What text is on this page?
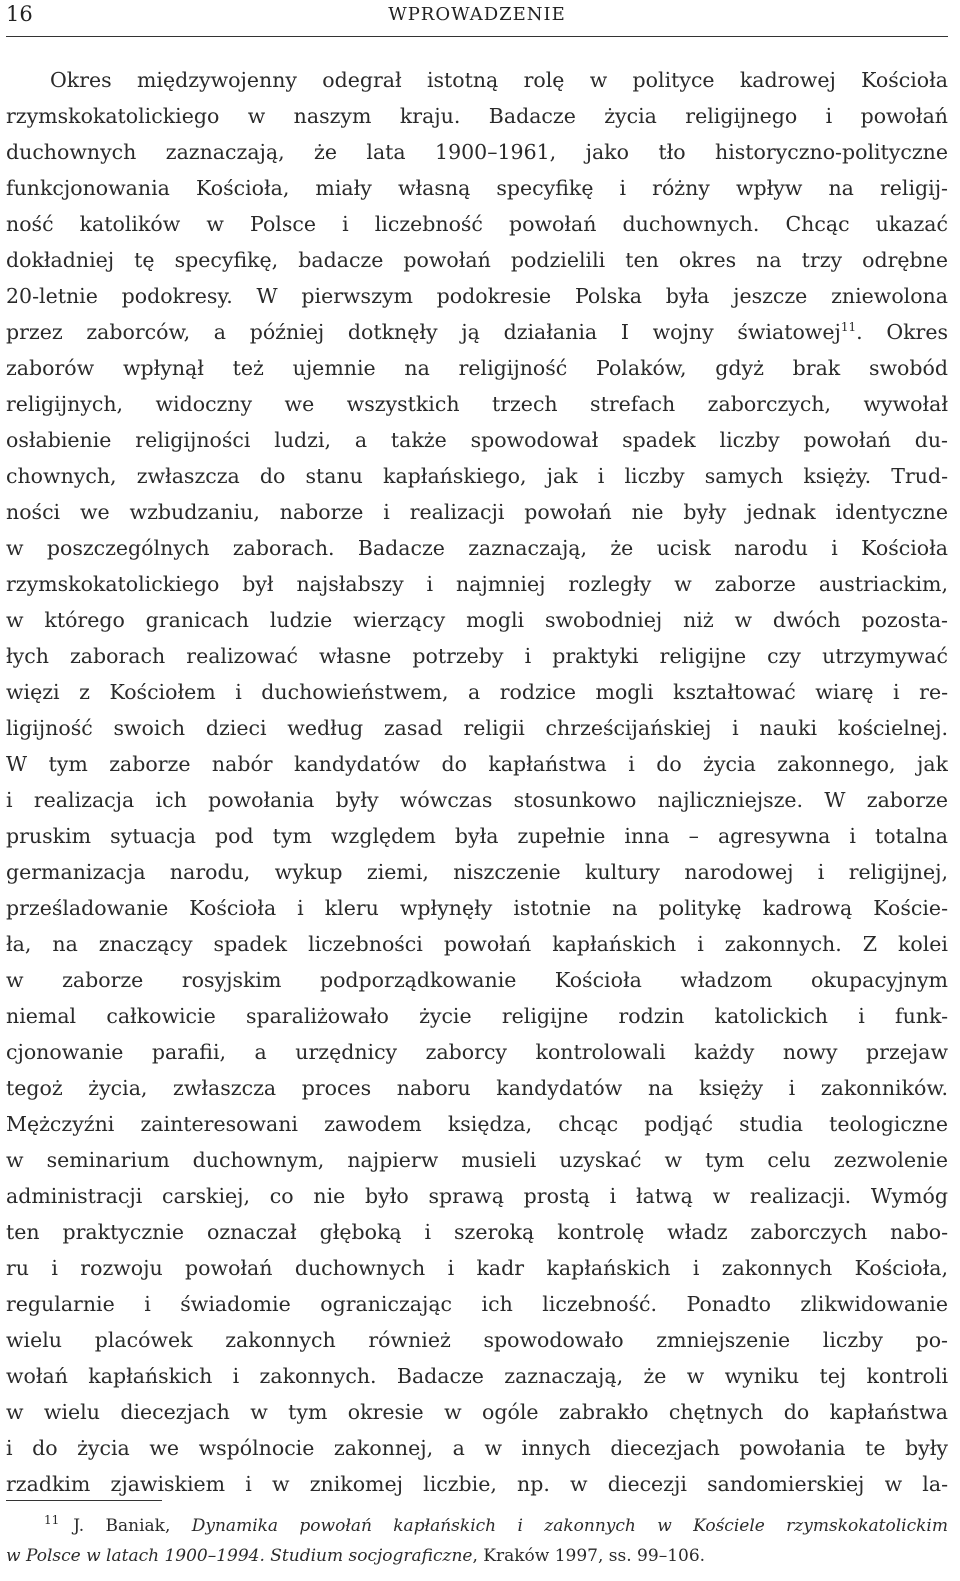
16	WPROWADZENIE
Okres międzywojenny odegrał istotną rolę w polityce kadrowej Kościoła
rzymskokatolickiego w naszym kraju. Badacze życia religijnego i powołań
duchownych zaznaczają, że lata 1900–1961, jako tło historyczno-polityczne
funkcjonowania Kościoła, miały własną specyfikę i różny wpływ na religij-
ność katolików w Polsce i liczebność powołań duchownych. Chcąc ukazać
dokładniej tę specyfikę, badacze powołań podzielili ten okres na trzy odrębne
20-letnie podokresy. W pierwszym podokresie Polska była jeszcze zniewolona
przez zaborców, a później dotknęły ją działania I wojny światowej$^{11}$. Okres
zaborów wpłynął też ujemnie na religijność Polaków, gdyż brak swobód
religijnych, widoczny we wszystkich trzech strefach zaborczych, wywołał
osłabienie religijności ludzi, a także spowodował spadek liczby powołań du-
chownych, zwłaszcza do stanu kapłańskiego, jak i liczby samych księży. Trud-
ności we wzbudzaniu, naborze i realizacji powołań nie były jednak identyczne
w poszczególnych zaborach. Badacze zaznaczają, że ucisk narodu i Kościoła
rzymskokatolickiego był najsłabszy i najmniej rozległy w zaborze austriackim,
w którego granicach ludzie wierzący mogli swobodniej niż w dwóch pozosta-
łych zaborach realizować własne potrzeby i praktyki religijne czy utrzymywać
więzi z Kościołem i duchowieństwem, a rodzice mogli kształtować wiarę i re-
ligijność swoich dzieci według zasad religii chrześcijańskiej i nauki kościelnej.
W tym zaborze nabór kandydatów do kapłaństwa i do życia zakonnego, jak
i realizacja ich powołania były wówczas stosunkowo najliczniejsze. W zaborze
pruskim sytuacja pod tym względem była zupełnie inna – agresywna i totalna
germanizacja narodu, wykup ziemi, niszczenie kultury narodowej i religijnej,
prześladowanie Kościoła i kleru wpłynęły istotnie na politykę kadrową Koście-
ła, na znaczący spadek liczebności powołań kapłańskich i zakonnych. Z kolei
w zaborze rosyjskim podporządkowanie Kościoła władzom okupacyjnym
niemal całkowicie sparaliżowało życie religijne rodzin katolickich i funk-
cjonowanie parafii, a urzędnicy zaborcy kontrolowali każdy nowy przejaw
tegoż życia, zwłaszcza proces naboru kandydatów na księży i zakonników.
Mężczyźni zainteresowani zawodem księdza, chcąc podjąć studia teologiczne
w seminarium duchownym, najpierw musieli uzyskać w tym celu zezwolenie
administracji carskiej, co nie było sprawą prostą i łatwą w realizacji. Wymóg
ten praktycznie oznaczał głęboką i szeroką kontrolę władz zaborczych nabo-
ru i rozwoju powołań duchownych i kadr kapłańskich i zakonnych Kościoła,
regularnie i świadomie ograniczając ich liczebność. Ponadto zlikwidowanie
wielu placówek zakonnych również spowodowało zmniejszenie liczby po-
wołań kapłańskich i zakonnych. Badacze zaznaczają, że w wyniku tej kontroli
w wielu diecezjach w tym okresie w ogóle zabrakło chętnych do kapłaństwa
i do życia we wspólnocie zakonnej, a w innych diecezjach powołania te były
rzadkim zjawiskiem i w znikomej liczbie, np. w diecezji sandomierskiej w la-
$^{11}$ J. Baniak, Dynamika powołań kapłańskich i zakonnych w Kościele rzymskokatolickim
w Polsce w latach 1900–1994. Studium socjograficzne, Kraków 1997, ss. 99–106.
